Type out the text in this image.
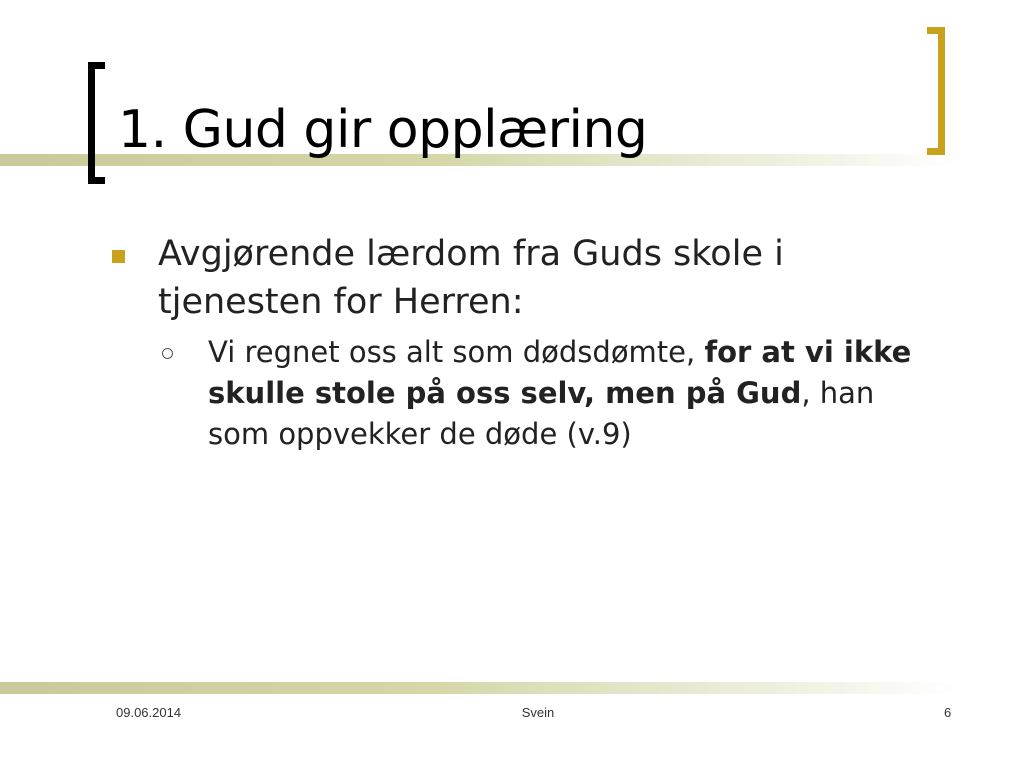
1. Gud gir opplæring
Avgjørende lærdom fra Guds skole i tjenesten for Herren:
Vi regnet oss alt som dødsdømte, for at vi ikke skulle stole på oss selv, men på Gud, han som oppvekker de døde (v.9)
09.06.2014	Svein	6
